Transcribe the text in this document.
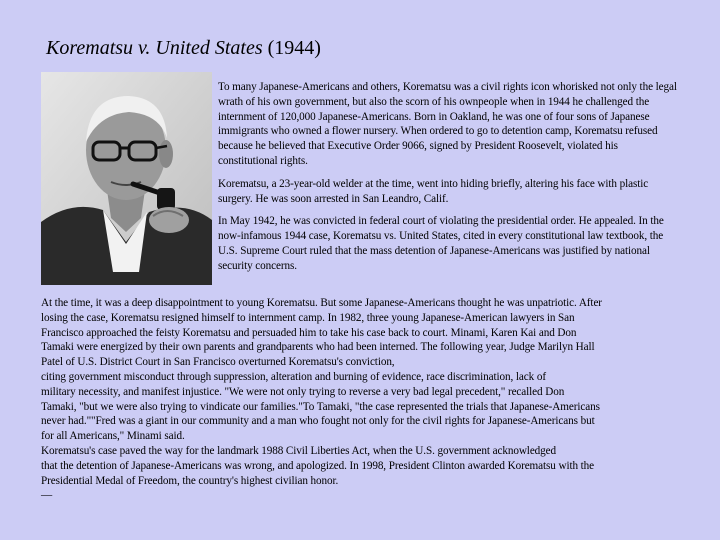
Korematsu v. United States (1944)

To many Japanese-Americans and others, Korematsu was a civil rights icon whorisked not only the legal wrath of his own government, but also the scorn of his ownpeople when in 1944 he challenged the internment of 120,000 Japanese-Americans. Born in Oakland, he was one of four sons of Japanese immigrants who owned a flower nursery. When ordered to go to detention camp, Korematsu refused because he believed that Executive Order 9066, signed by President Roosevelt, violated his constitutional rights.

Korematsu, a 23-year-old welder at the time, went into hiding briefly, altering his face with plastic surgery. He was soon arrested in San Leandro, Calif.

In May 1942, he was convicted in federal court of violating the presidential order. He appealed. In the now-infamous 1944 case, Korematsu vs. United States, cited in every constitutional law textbook, the U.S. Supreme Court ruled that the mass detention of Japanese-Americans was justified by national security concerns.

At the time, it was a deep disappointment to young Korematsu. But some Japanese-Americans thought he was unpatriotic. After
losing the case, Korematsu resigned himself to internment camp. In 1982, three young Japanese-American lawyers in San
Francisco approached the feisty Korematsu and persuaded him to take his case back to court. Minami, Karen Kai and Don
Tamaki were energized by their own parents and grandparents who had been interned. The following year, Judge Marilyn Hall
Patel of U.S. District Court in San Francisco overturned Korematsu's conviction,
citing government misconduct through suppression, alteration and burning of evidence, race discrimination, lack of
military necessity, and manifest injustice. "We were not only trying to reverse a very bad legal precedent," recalled Don
Tamaki, "but we were also trying to vindicate our families."To Tamaki, "the case represented the trials that Japanese-Americans
never had.""Fred was a giant in our community and a man who fought not only for the civil rights for Japanese-Americans but
for all Americans," Minami said.
Korematsu's case paved the way for the landmark 1988 Civil Liberties Act, when the U.S. government acknowledged
that the detention of Japanese-Americans was wrong, and apologized. In 1998, President Clinton awarded Korematsu with the
Presidential Medal of Freedom, the country's highest civilian honor.
—
